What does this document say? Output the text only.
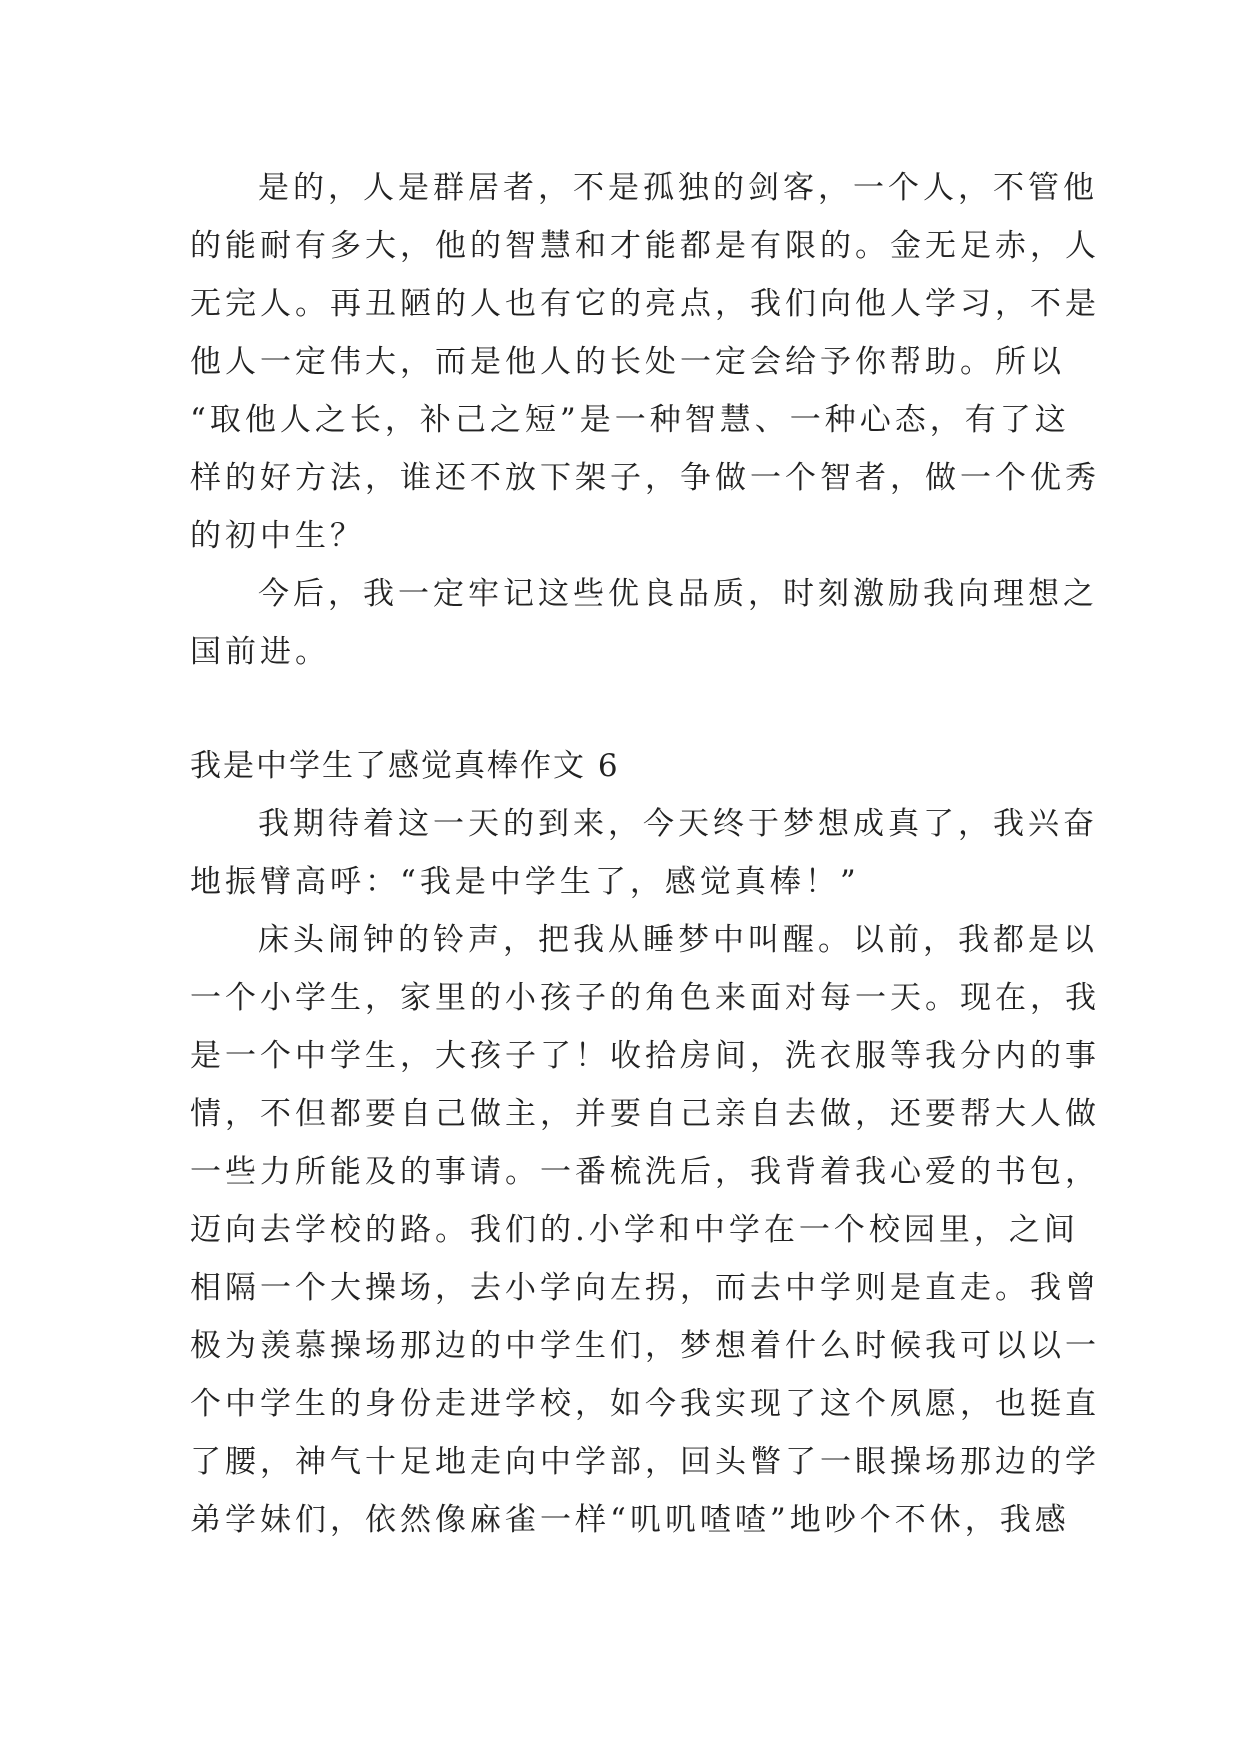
是的，人是群居者，不是孤独的剑客，一个人，不管他
的能耐有多大，他的智慧和才能都是有限的。金无足赤，人
无完人。再丑陋的人也有它的亮点，我们向他人学习，不是
他人一定伟大，而是他人的长处一定会给予你帮助。所以
“取他人之长，补己之短”是一种智慧、一种心态，有了这
样的好方法，谁还不放下架子，争做一个智者，做一个优秀
的初中生？
今后，我一定牢记这些优良品质，时刻激励我向理想之
国前进。
我是中学生了感觉真棒作文 6
我期待着这一天的到来，今天终于梦想成真了，我兴奋
地振臂高呼：“我是中学生了，感觉真棒！”
床头闹钟的铃声，把我从睡梦中叫醒。以前，我都是以
一个小学生，家里的小孩子的角色来面对每一天。现在，我
是一个中学生，大孩子了！收拾房间，洗衣服等我分内的事
情，不但都要自己做主，并要自己亲自去做，还要帮大人做
一些力所能及的事请。一番梳洗后，我背着我心爱的书包，
迈向去学校的路。我们的.小学和中学在一个校园里，之间
相隔一个大操场，去小学向左拐，而去中学则是直走。我曾
极为羡慕操场那边的中学生们，梦想着什么时候我可以以一
个中学生的身份走进学校，如今我实现了这个夙愿，也挺直
了腰，神气十足地走向中学部，回头瞥了一眼操场那边的学
弟学妹们，依然像麻雀一样“叽叽喳喳”地吵个不休，我感
